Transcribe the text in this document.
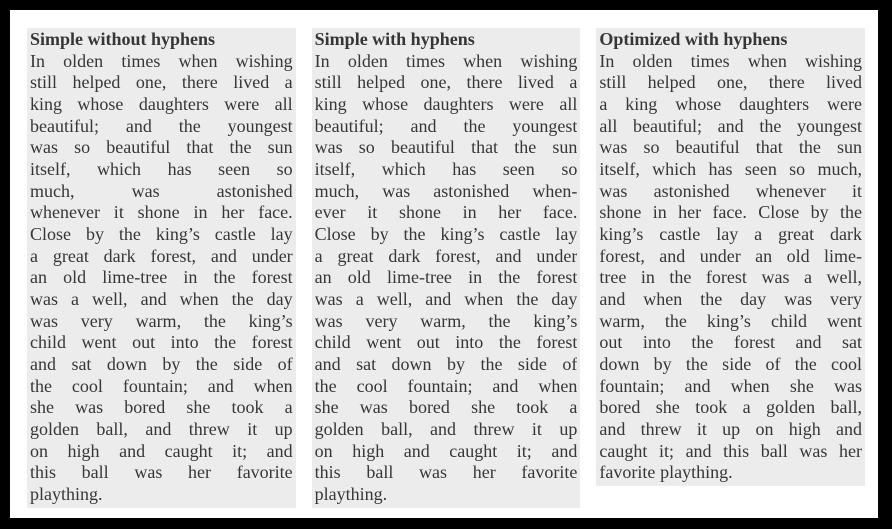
Simple without hyphens
In olden times when wishing
still helped one, there lived a
king whose daughters were all
beautiful; and the youngest
was so beautiful that the sun
itself, which has seen so
much, was astonished
whenever it shone in her face.
Close by the king’s castle lay
a great dark forest, and under
an old lime-tree in the forest
was a well, and when the day
was very warm, the king’s
child went out into the forest
and sat down by the side of
the cool fountain; and when
she was bored she took a
golden ball, and threw it up
on high and caught it; and
this ball was her favorite
plaything.
Simple with hyphens
In olden times when wishing
still helped one, there lived a
king whose daughters were all
beautiful; and the youngest
was so beautiful that the sun
itself, which has seen so
much, was astonished when-
ever it shone in her face.
Close by the king’s castle lay
a great dark forest, and under
an old lime-tree in the forest
was a well, and when the day
was very warm, the king’s
child went out into the forest
and sat down by the side of
the cool fountain; and when
she was bored she took a
golden ball, and threw it up
on high and caught it; and
this ball was her favorite
plaything.
Optimized with hyphens
In olden times when wishing
still helped one, there lived
a king whose daughters were
all beautiful; and the youngest
was so beautiful that the sun
itself, which has seen so much,
was astonished whenever it
shone in her face. Close by the
king’s castle lay a great dark
forest, and under an old lime-
tree in the forest was a well,
and when the day was very
warm, the king’s child went
out into the forest and sat
down by the side of the cool
fountain; and when she was
bored she took a golden ball,
and threw it up on high and
caught it; and this ball was her
favorite plaything.
